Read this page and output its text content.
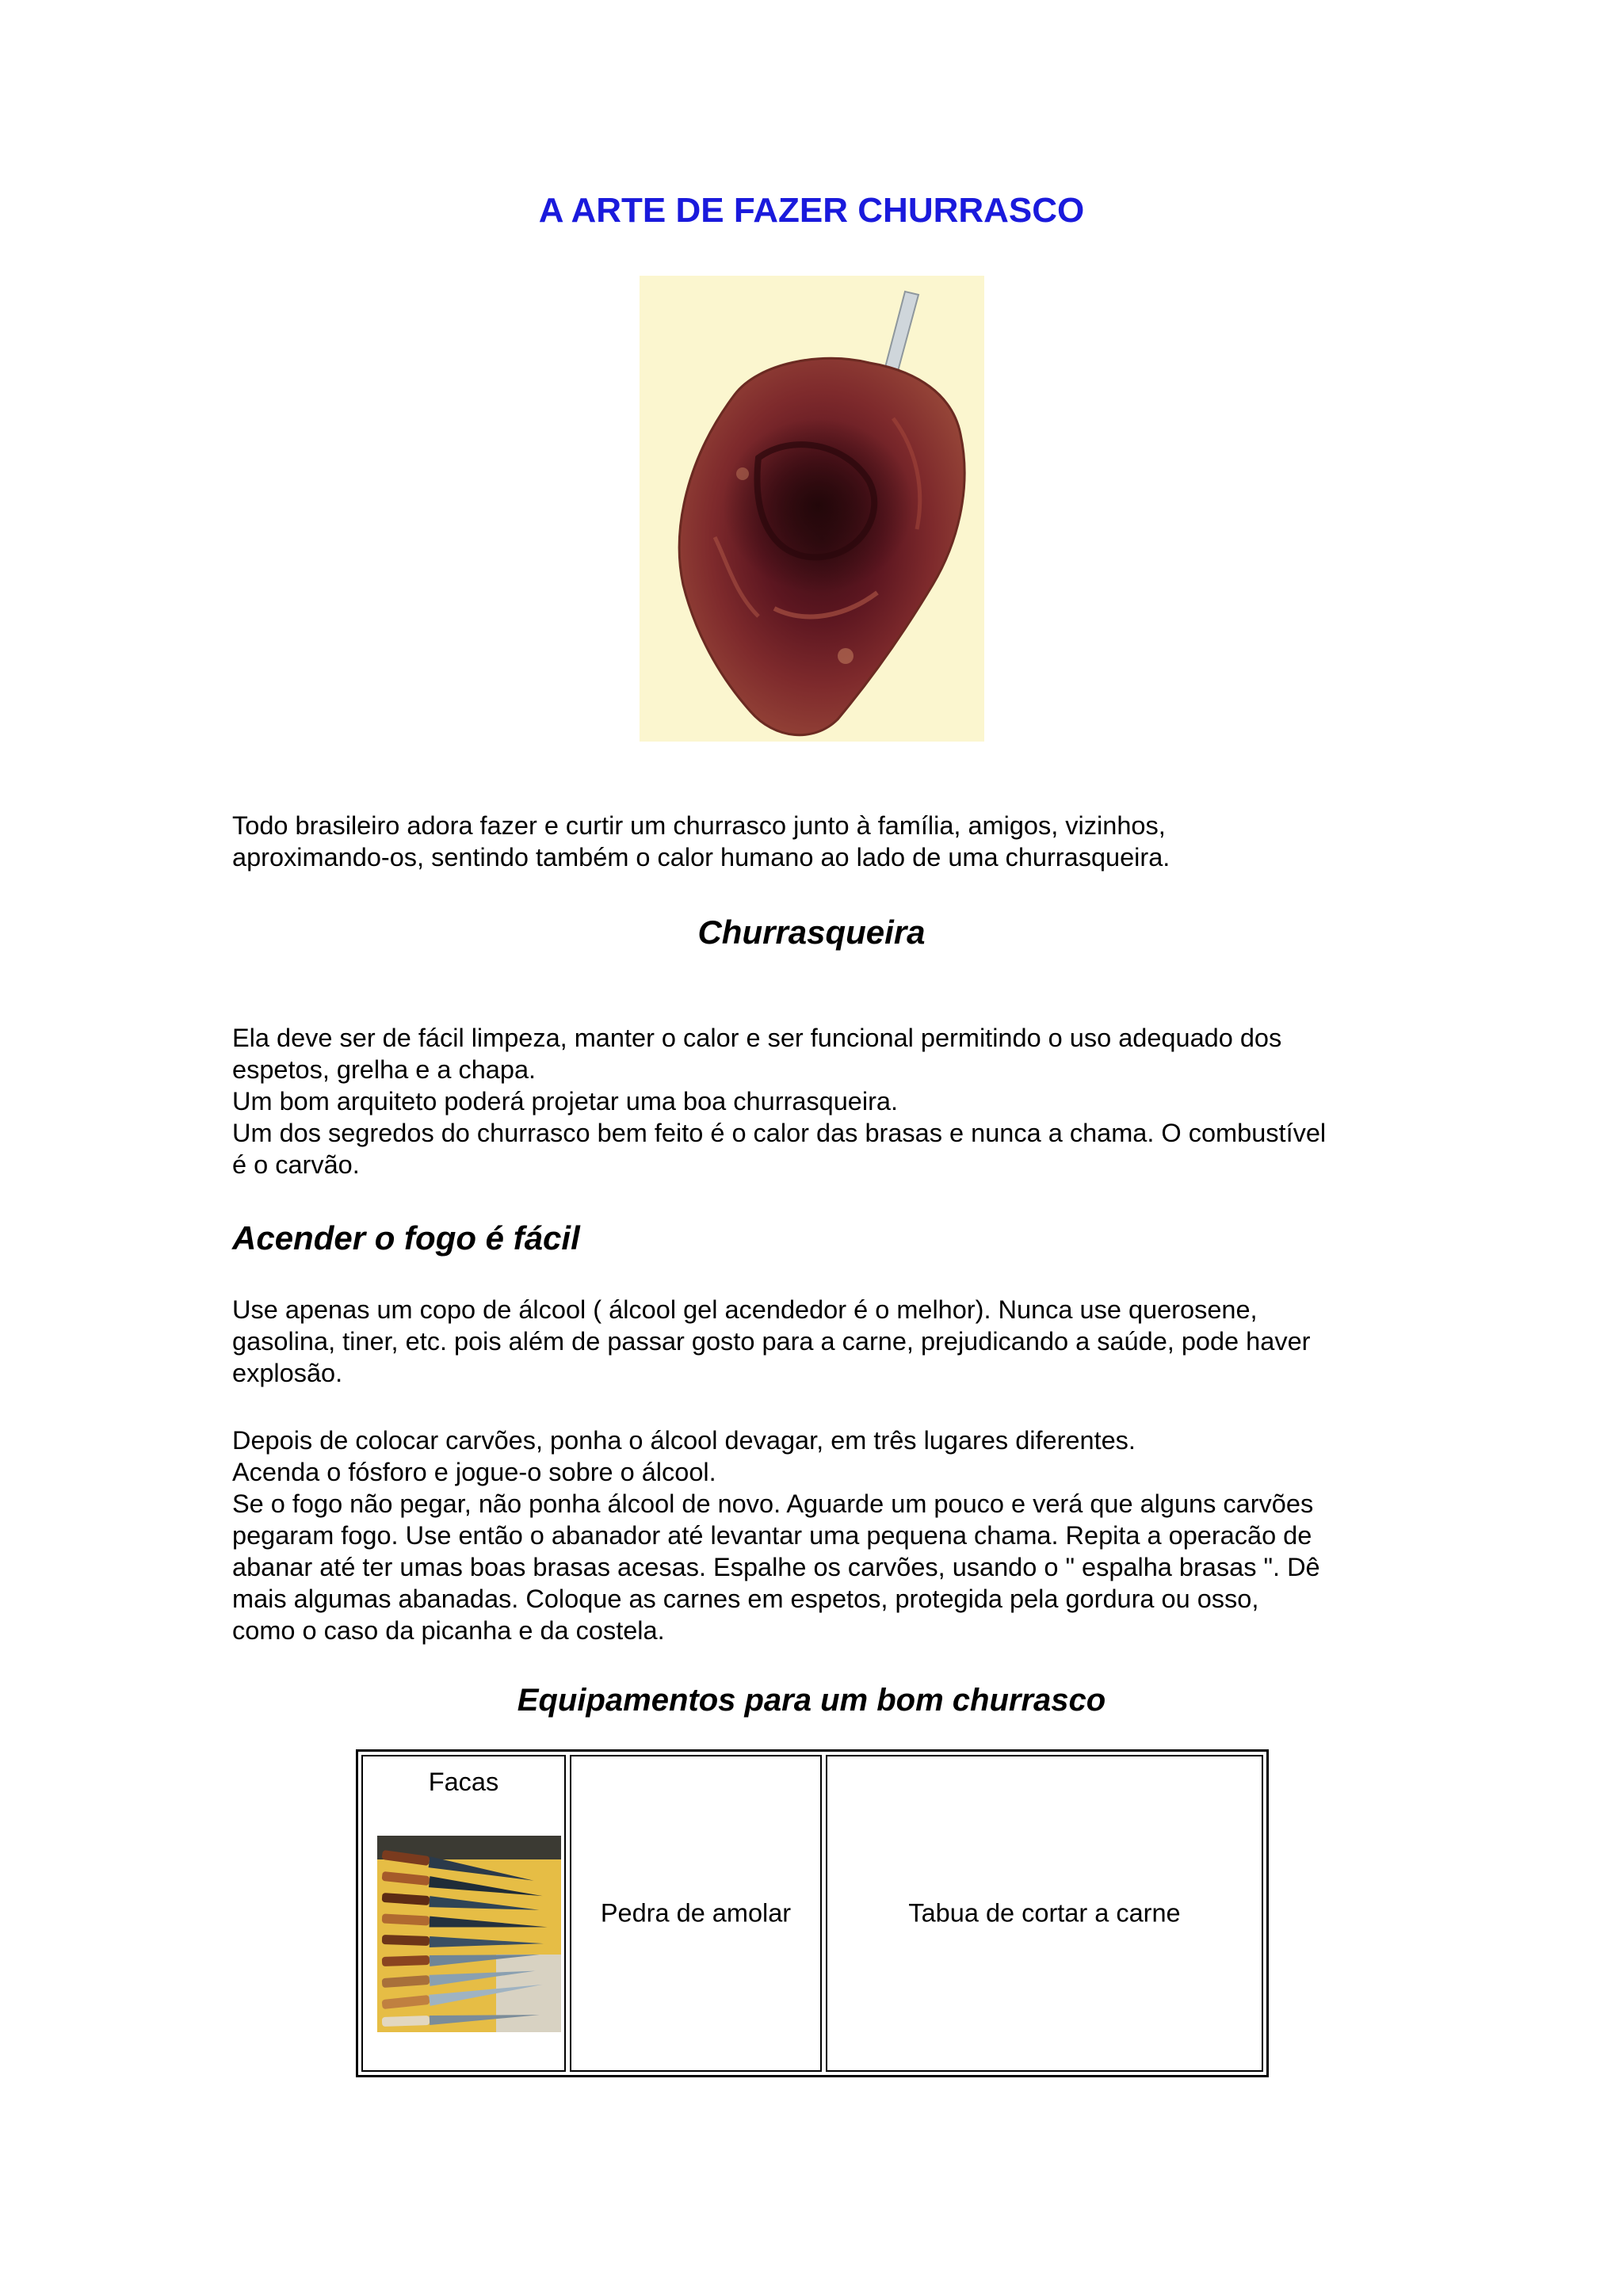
A ARTE DE FAZER CHURRASCO

Todo brasileiro adora fazer e curtir um churrasco junto à família, amigos, vizinhos,
aproximando-os, sentindo também o calor humano ao lado de uma churrasqueira.

Churrasqueira

Ela deve ser de fácil limpeza, manter o calor e ser funcional permitindo o uso adequado dos
espetos, grelha e a chapa.
Um bom arquiteto poderá projetar uma boa churrasqueira.
Um dos segredos do churrasco bem feito é o calor das brasas e nunca a chama. O combustível
é o carvão.

Acender o fogo é fácil

Use apenas um copo de álcool ( álcool gel acendedor é o melhor). Nunca use querosene,
gasolina, tiner, etc. pois além de passar gosto para a carne, prejudicando a saúde, pode haver
explosão.

Depois de colocar carvões, ponha o álcool devagar, em três lugares diferentes.
Acenda o fósforo e jogue-o sobre o álcool.
Se o fogo não pegar, não ponha álcool de novo. Aguarde um pouco e verá que alguns carvões
pegaram fogo. Use então o abanador até levantar uma pequena chama. Repita a operacão de
abanar até ter umas boas brasas acesas. Espalhe os carvões, usando o " espalha brasas ". Dê
mais algumas abanadas. Coloque as carnes em espetos, protegida pela gordura ou osso,
como o caso da picanha e da costela.

Equipamentos para um bom churrasco
Facas
Pedra de amolar	Tabua de cortar a carne
